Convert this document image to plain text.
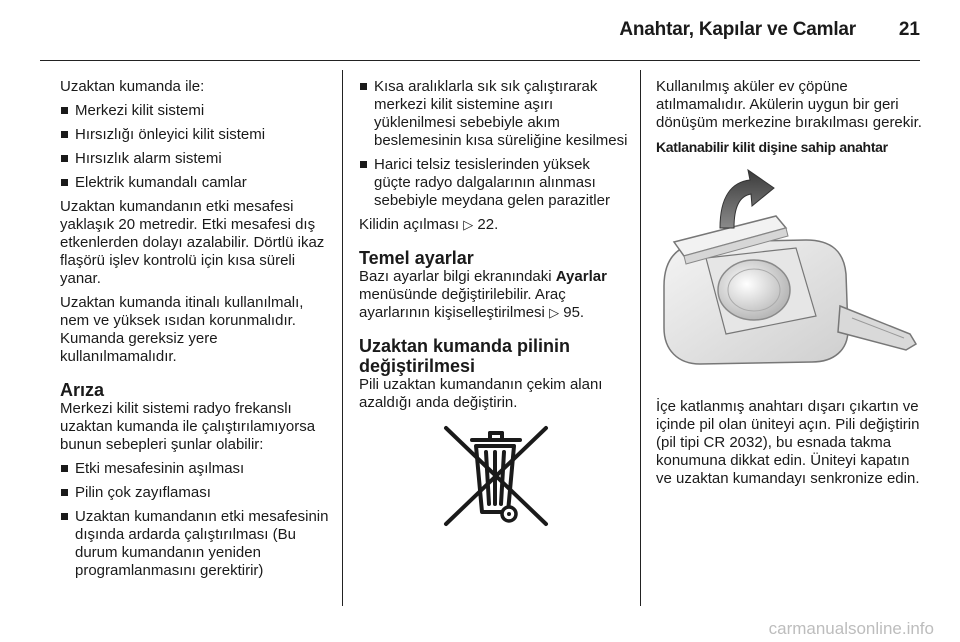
Anahtar, Kapılar ve Camlar 21

Uzaktan kumanda ile:

Merkezi kilit sistemi
Hırsızlığı önleyici kilit sistemi
Hırsızlık alarm sistemi
Elektrik kumandalı camlar

Uzaktan kumandanın etki mesafesi yaklaşık 20 metredir. Etki mesafesi dış etkenlerden dolayı azalabilir. Dörtlü ikaz flaşörü işlev kontrolü için kısa süreli yanar.

Uzaktan kumanda itinalı kullanılmalı, nem ve yüksek ısıdan korunmalıdır. Kumanda gereksiz yere kullanılmamalıdır.

Arıza

Merkezi kilit sistemi radyo frekanslı uzaktan kumanda ile çalıştırılamıyorsa bunun sebepleri şunlar olabilir:

Etki mesafesinin aşılması
Pilin çok zayıflaması
Uzaktan kumandanın etki mesafesinin dışında ardarda çalıştırılması (Bu durum kumandanın yeniden programlanmasını gerektirir)
Kısa aralıklarla sık sık çalıştırarak merkezi kilit sistemine aşırı yüklenilmesi sebebiyle akım beslemesinin kısa süreliğine kesilmesi
Harici telsiz tesislerinden yüksek güçte radyo dalgalarının alınması sebebiyle meydana gelen parazitler

Kilidin açılması ▷ 22.

Temel ayarlar

Bazı ayarlar bilgi ekranındaki Ayarlar menüsünde değiştirilebilir. Araç ayarlarının kişiselleştirilmesi ▷ 95.

Uzaktan kumanda pilinin değiştirilmesi

Pili uzaktan kumandanın çekim alanı azaldığı anda değiştirin.

Kullanılmış aküler ev çöpüne atılmamalıdır. Akülerin uygun bir geri dönüşüm merkezine bırakılması gerekir.

Katlanabilir kilit dişine sahip anahtar

İçe katlanmış anahtarı dışarı çıkartın ve içinde pil olan üniteyi açın. Pili değiştirin (pil tipi CR 2032), bu esnada takma konumuna dikkat edin. Üniteyi kapatın ve uzaktan kumandayı senkronize edin.

carmanualsonline.info
